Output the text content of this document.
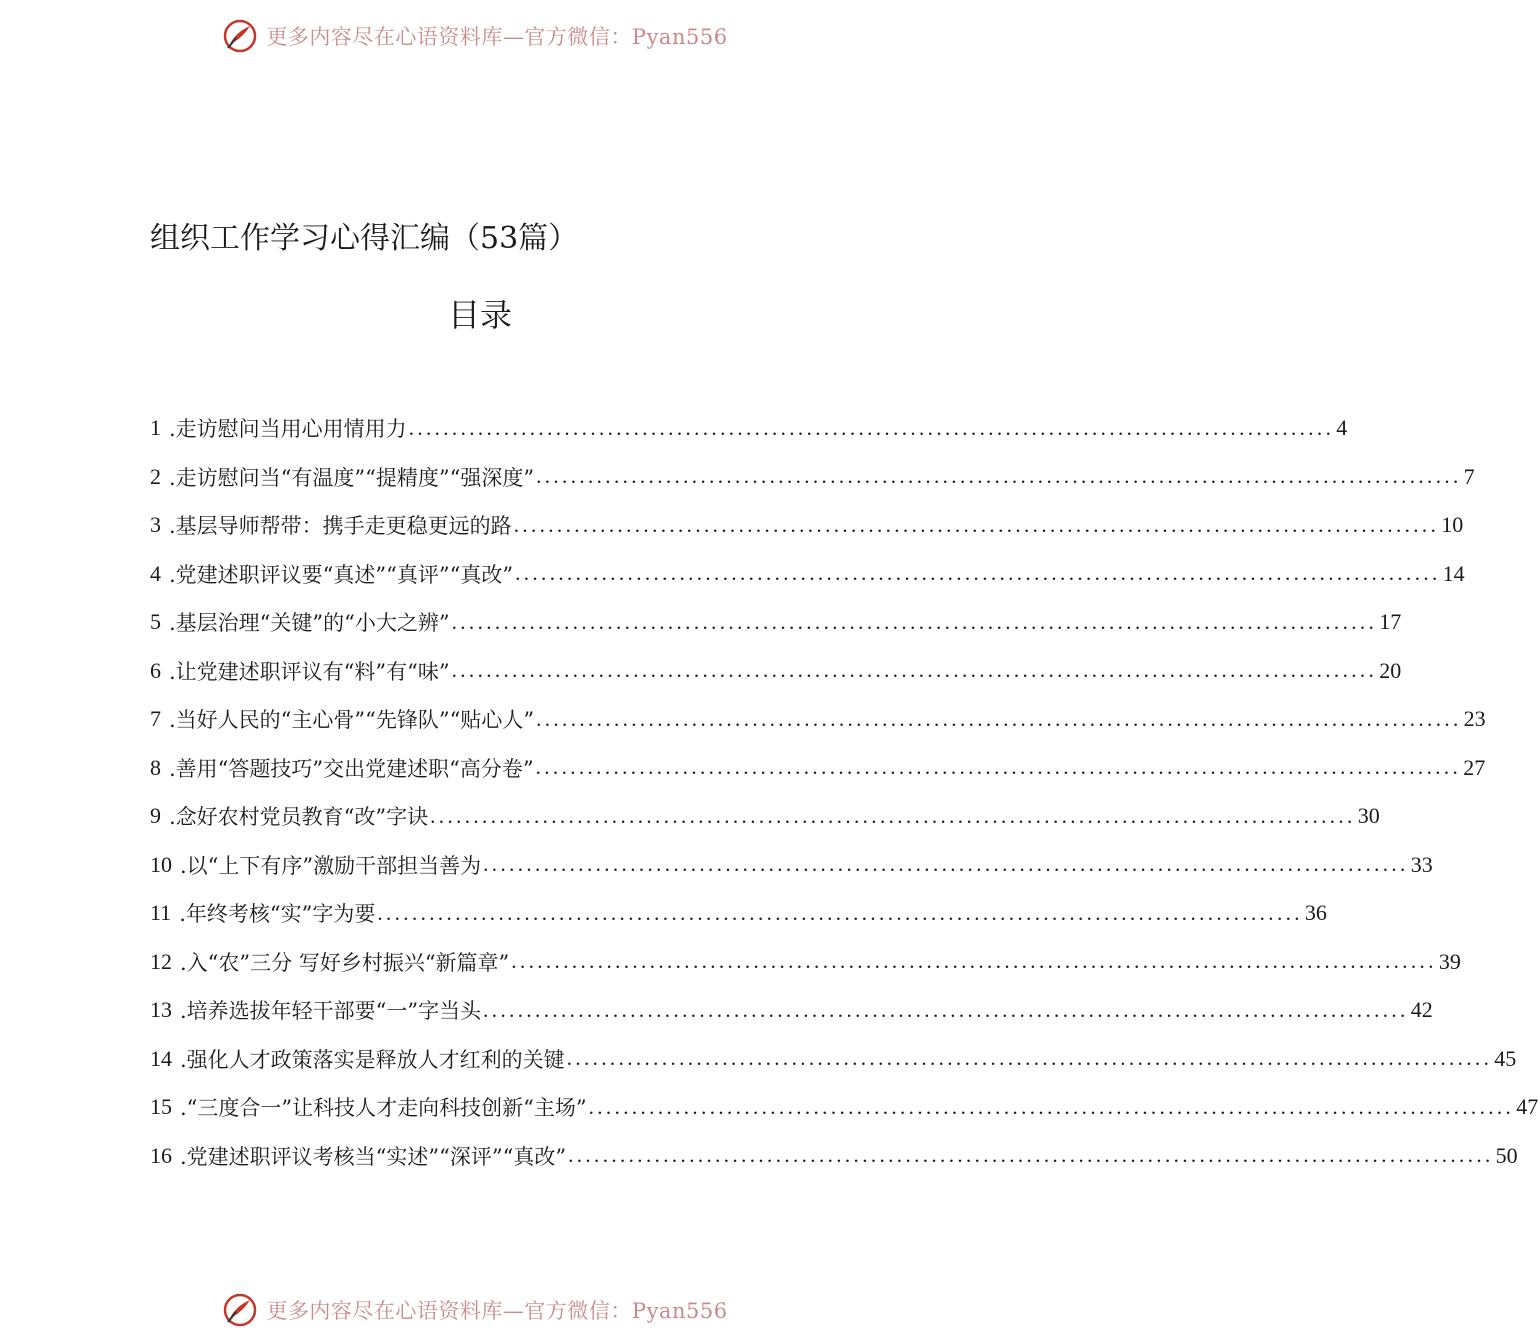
更多内容尽在心语资料库—官方微信：Pyan556
组织工作学习心得汇编（53篇）
目录
1 .走访慰问当用心用情用力 .....	4
2 .走访慰问当“有温度”“提精度”“强深度” .....	7
3 .基层导师帮带：携手走更稳更远的路 .....	10
4 .党建述职评议要“真述”“真评”“真改” .....	14
5 .基层治理“关键”的“小大之辨” .....	17
6 .让党建述职评议有“料”有“味” .....	20
7 .当好人民的“主心骨”“先锋队”“贴心人” .....	23
8 .善用“答题技巧”交出党建述职“高分卷” .....	27
9 .念好农村党员教育“改”字诀 .....	30
10 .以“上下有序”激励干部担当善为 .....	33
11 .年终考核“实”字为要 .....	36
12 .入“农”三分 写好乡村振兴“新篇章” .....	39
13 .培养选拔年轻干部要“一”字当头 .....	42
14 .强化人才政策落实是释放人才红利的关键 .....	45
15 .“三度合一”让科技人才走向科技创新“主场” .....	47
16 .党建述职评议考核当“实述”“深评”“真改” .....	50
更多内容尽在心语资料库—官方微信：Pyan556
